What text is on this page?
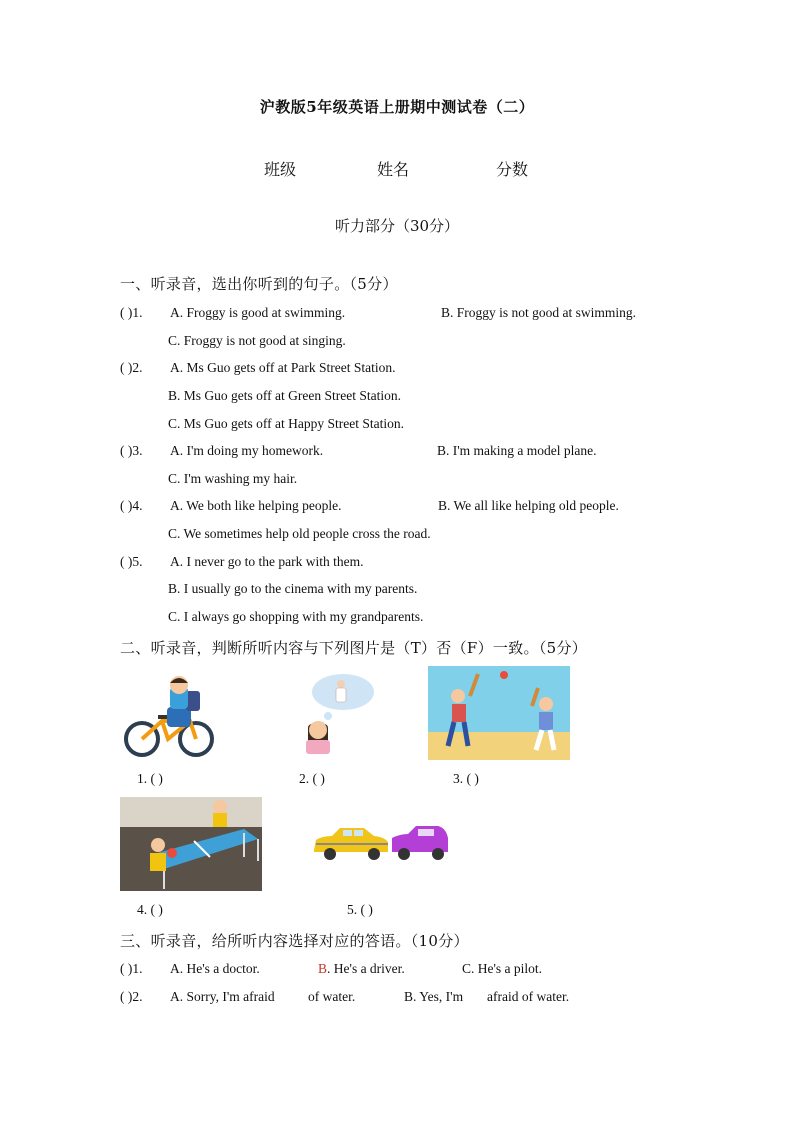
沪教版5年级英语上册期中测试卷（二）
班级	姓名	分数
听力部分（30分）
一、听录音，选出你听到的句子。（5分）
( )1. A. Froggy is good at swimming.	B. Froggy is not good at swimming.
C. Froggy is not good at singing.
( )2. A. Ms Guo gets off at Park Street Station.
B. Ms Guo gets off at Green Street Station.
C. Ms Guo gets off at Happy Street Station.
( )3. A. I'm doing my homework.	B. I'm making a model plane.
C. I'm washing my hair.
( )4. A. We both like helping people.	B. We all like helping old people.
C. We sometimes help old people cross the road.
( )5. A. I never go to the park with them.
B. I usually go to the cinema with my parents.
C. I always go shopping with my grandparents.
二、听录音，判断所听内容与下列图片是（T）否（F）一致。（5分）
1. ( )	2. ( )	3. ( )
4. ( )	5. ( )
三、听录音，给所听内容选择对应的答语。（10分）
( )1. A. He's a doctor.	B. He's a driver.	C. He's a pilot.
( )2. A. Sorry, I'm afraid of water.	B. Yes, I'm afraid of water.
